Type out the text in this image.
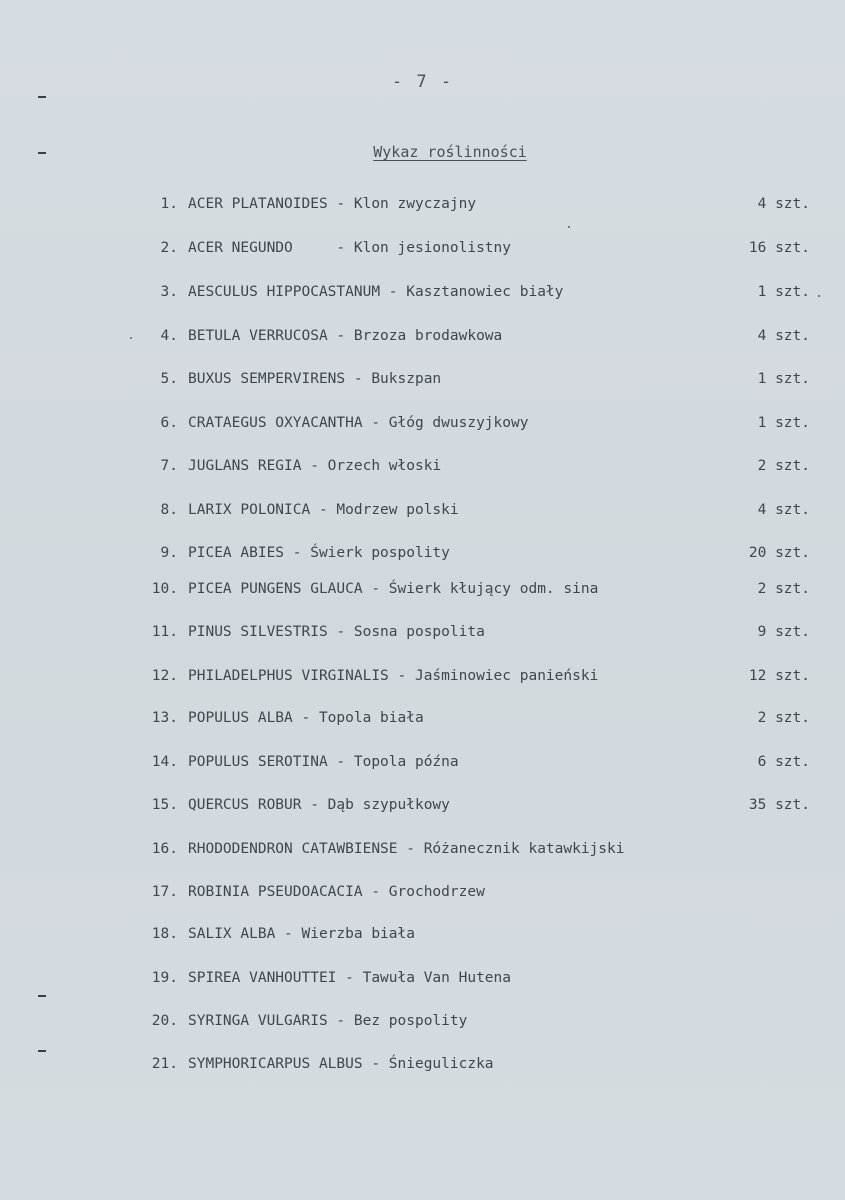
- 7 -
Wykaz roślinności
1. ACER PLATANOIDES - Klon zwyczajny	4 szt.
2. ACER NEGUNDO     - Klon jesionolistny	16 szt.
3. AESCULUS HIPPOCASTANUM - Kasztanowiec biały	1 szt.
4. BETULA VERRUCOSA - Brzoza brodawkowa	4 szt.
5. BUXUS SEMPERVIRENS - Bukszpan	1 szt.
6. CRATAEGUS OXYACANTHA - Głóg dwuszyjkowy	1 szt.
7. JUGLANS REGIA - Orzech włoski	2 szt.
8. LARIX POLONICA - Modrzew polski	4 szt.
9. PICEA ABIES - Świerk pospolity	20 szt.
10. PICEA PUNGENS GLAUCA - Świerk kłujący odm. sina	2 szt.
11. PINUS SILVESTRIS - Sosna pospolita	9 szt.
12. PHILADELPHUS VIRGINALIS - Jaśminowiec panieński	12 szt.
13. POPULUS ALBA - Topola biała	2 szt.
14. POPULUS SEROTINA - Topola późna	6 szt.
15. QUERCUS ROBUR - Dąb szypułkowy	35 szt.
16. RHODODENDRON CATAWBIENSE - Różanecznik katawkijski
17. ROBINIA PSEUDOACACIA - Grochodrzew
18. SALIX ALBA - Wierzba biała
19. SPIREA VANHOUTTEI - Tawuła Van Hutena
20. SYRINGA VULGARIS - Bez pospolity
21. SYMPHORICARPUS ALBUS - Śnieguliczka
